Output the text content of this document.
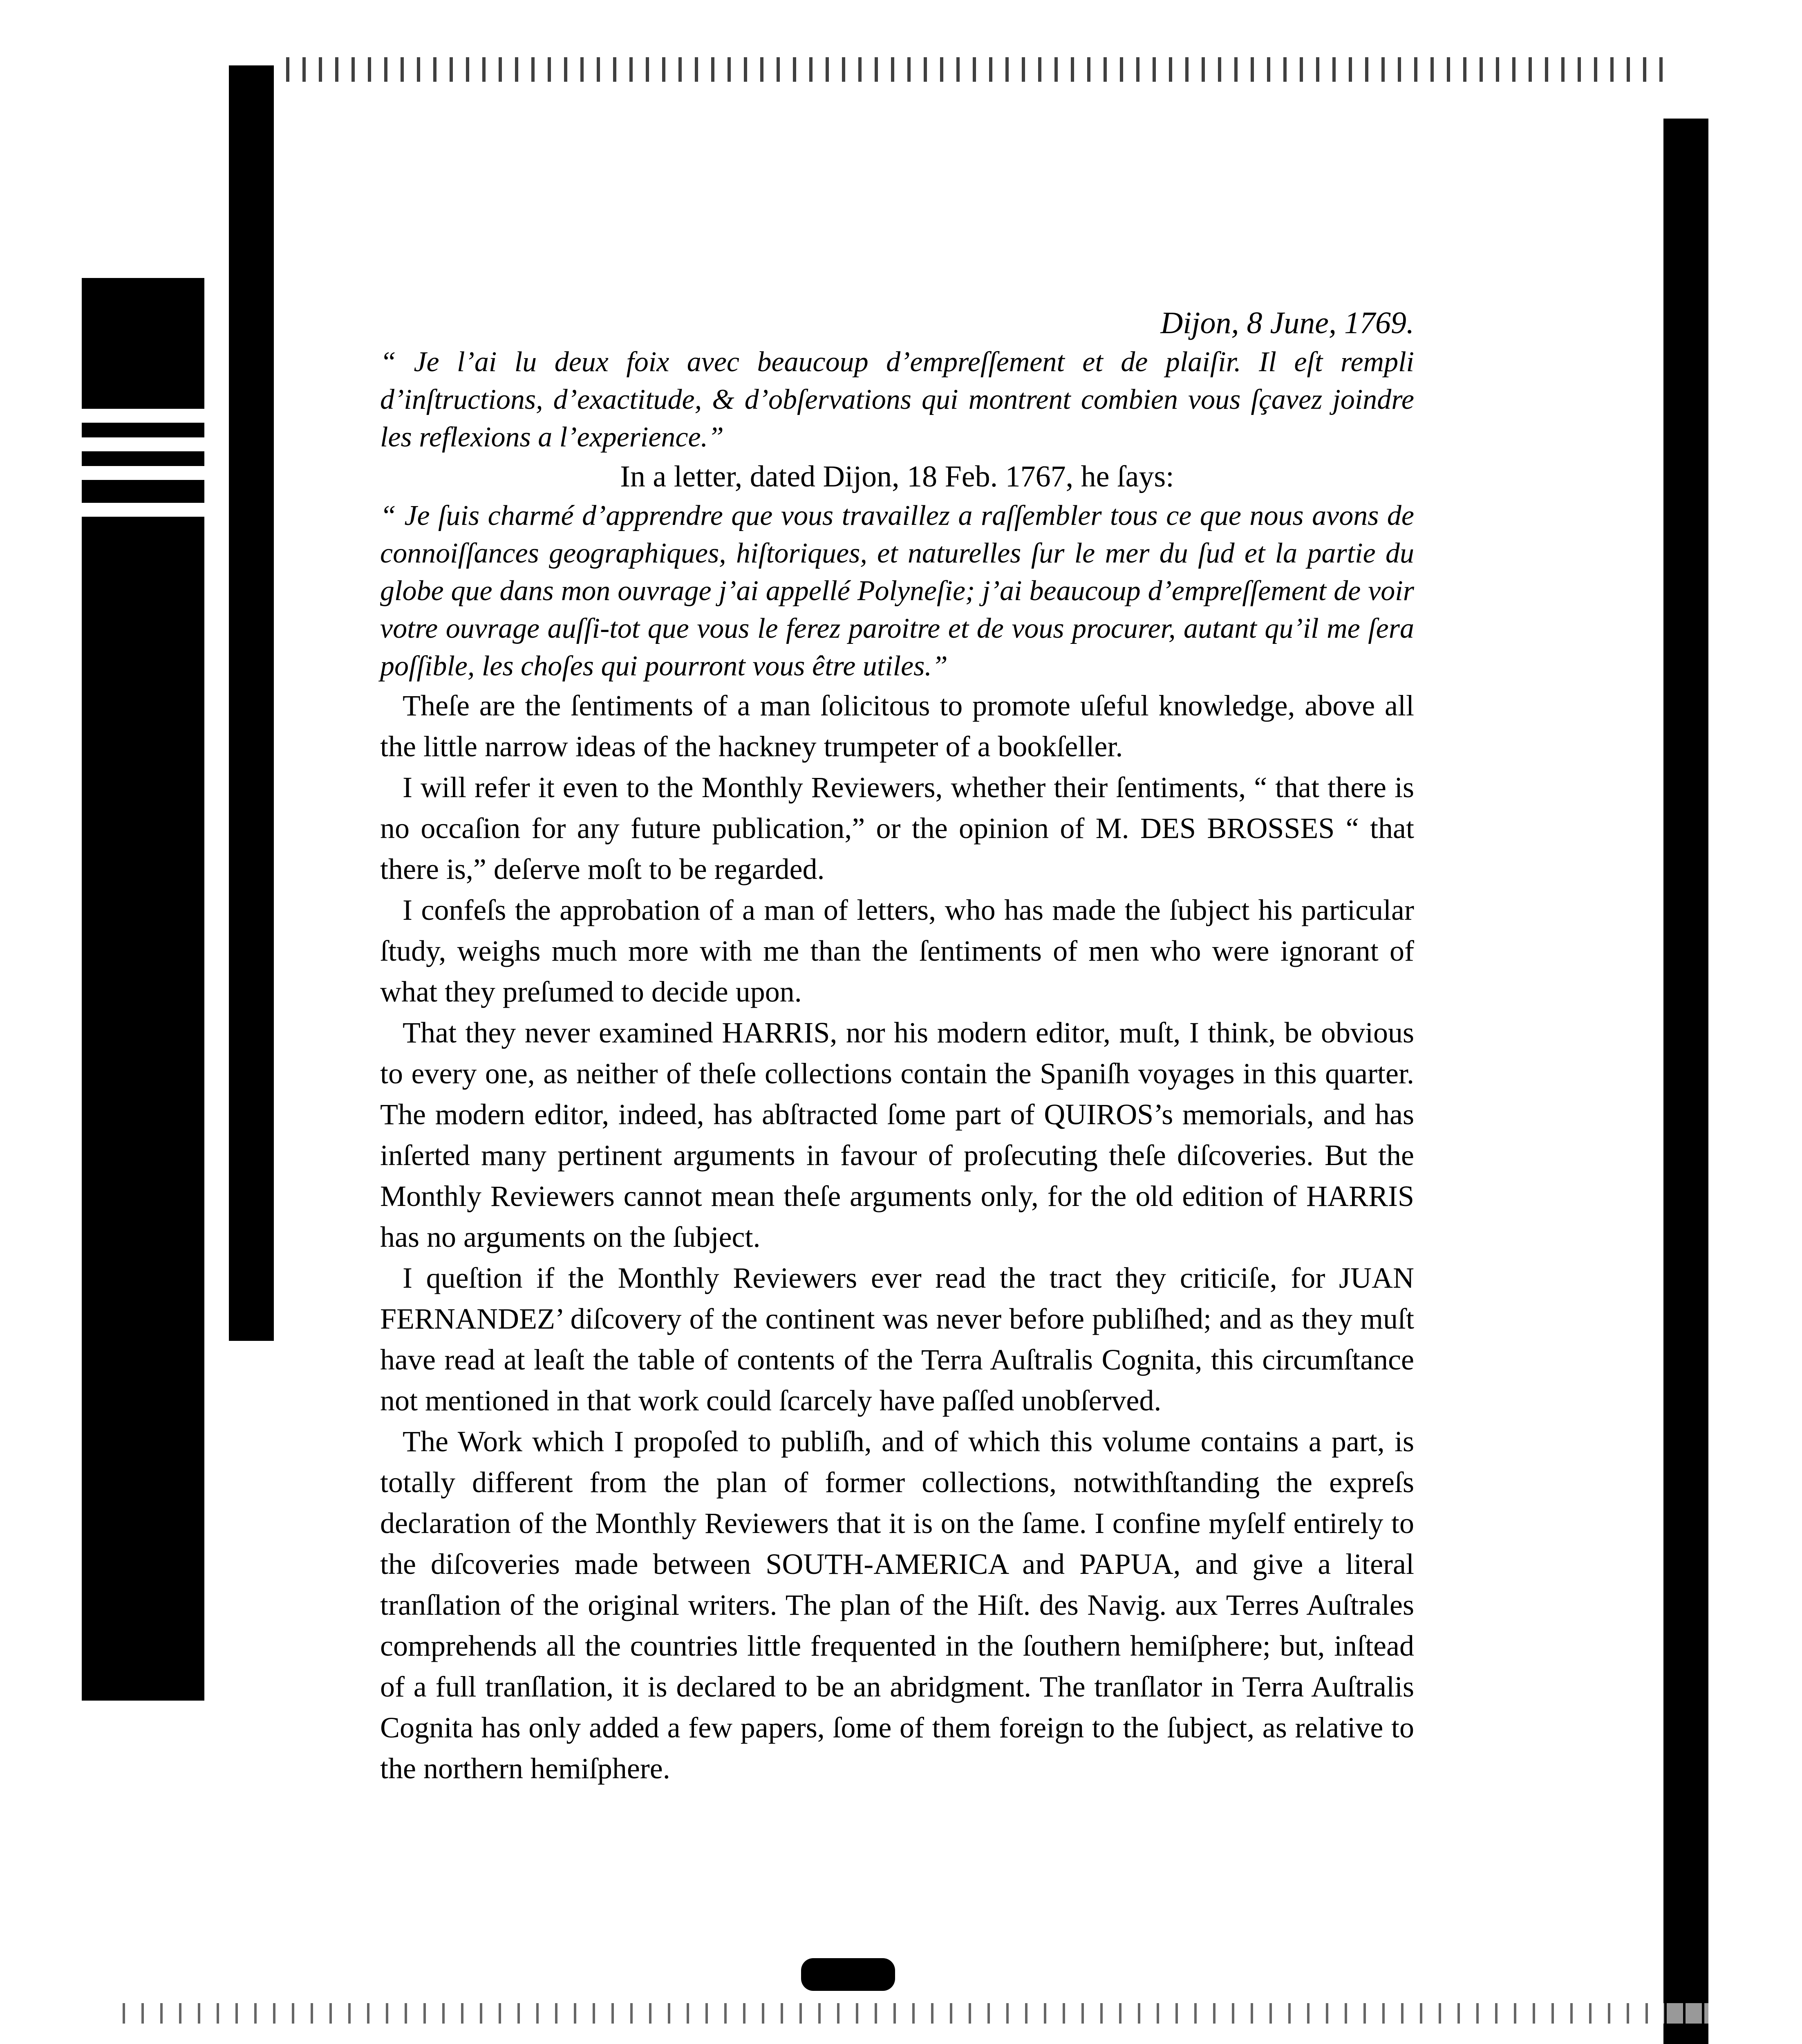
Dijon, 8 June, 1769.

“ Je l’ai lu deux foix avec beaucoup d’empreſſement et de plaiſir. Il eſt rempli d’inſtructions, d’exactitude, & d’obſervations qui montrent combien vous ſçavez joindre les reflexions a l’experience.”

In a letter, dated Dijon, 18 Feb. 1767, he ſays:

“ Je ſuis charmé d’apprendre que vous travaillez a raſſembler tous ce que nous avons de connoiſſances geographiques, hiſtoriques, et naturelles ſur le mer du ſud et la partie du globe que dans mon ouvrage j’ai appellé Polyneſie; j’ai beaucoup d’empreſſement de voir votre ouvrage auſſi-tot que vous le ferez paroitre et de vous procurer, autant qu’il me ſera poſſible, les choſes qui pourront vous être utiles.”

Theſe are the ſentiments of a man ſolicitous to promote uſeful knowledge, above all the little narrow ideas of the hackney trumpeter of a bookſeller.

I will refer it even to the Monthly Reviewers, whether their ſentiments, “ that there is no occaſion for any future publication,” or the opinion of M. DES BROSSES “ that there is,” deſerve moſt to be regarded.

I confeſs the approbation of a man of letters, who has made the ſubject his particular ſtudy, weighs much more with me than the ſentiments of men who were ignorant of what they preſumed to decide upon.

That they never examined HARRIS, nor his modern editor, muſt, I think, be obvious to every one, as neither of theſe collections contain the Spaniſh voyages in this quarter. The modern editor, indeed, has abſtracted ſome part of QUIROS’s memorials, and has inſerted many pertinent arguments in favour of proſecuting theſe diſcoveries. But the Monthly Reviewers cannot mean theſe arguments only, for the old edition of HARRIS has no arguments on the ſubject.

I queſtion if the Monthly Reviewers ever read the tract they criticiſe, for JUAN FERNANDEZ’ diſcovery of the continent was never before publiſhed; and as they muſt have read at leaſt the table of contents of the Terra Auſtralis Cognita, this circumſtance not mentioned in that work could ſcarcely have paſſed unobſerved.

The Work which I propoſed to publiſh, and of which this volume contains a part, is totally different from the plan of former collections, notwithſtanding the expreſs declaration of the Monthly Reviewers that it is on the ſame. I confine myſelf entirely to the diſcoveries made between SOUTH-AMERICA and PAPUA, and give a literal tranſlation of the original writers. The plan of the Hiſt. des Navig. aux Terres Auſtrales comprehends all the countries little frequented in the ſouthern hemiſphere; but, inſtead of a full tranſlation, it is declared to be an abridgment. The tranſlator in Terra Auſtralis Cognita has only added a few papers, ſome of them foreign to the ſubject, as relative to the northern hemiſphere.
